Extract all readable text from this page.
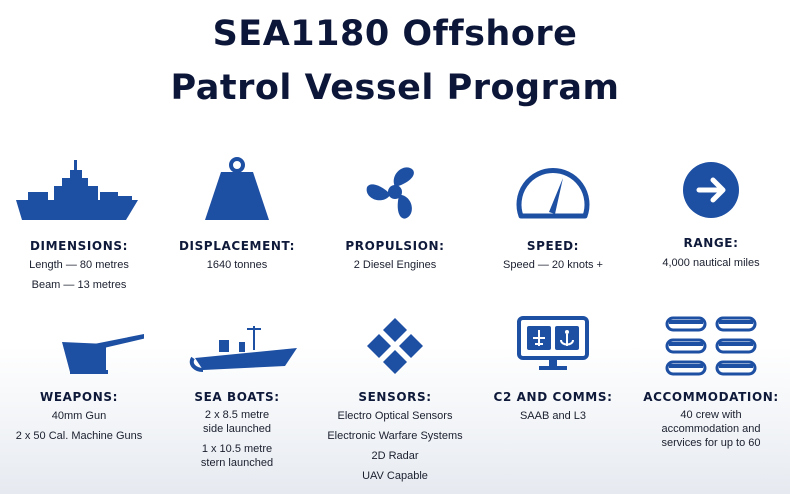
SEA1180 Offshore
Patrol Vessel Program
DIMENSIONS:
Length — 80 metres
Beam — 13 metres
DISPLACEMENT:
1640 tonnes
PROPULSION:
2 Diesel Engines
SPEED:
Speed — 20 knots +
RANGE:
4,000 nautical miles
WEAPONS:
40mm Gun
2 x 50 Cal. Machine Guns
SEA BOATS:
2 x 8.5 metre
side launched
1 x 10.5 metre
stern launched
SENSORS:
Electro Optical Sensors
Electronic Warfare Systems
2D Radar
UAV Capable
C2 AND COMMS:
SAAB and L3
ACCOMMODATION:
40 crew with
accommodation and
services for up to 60
